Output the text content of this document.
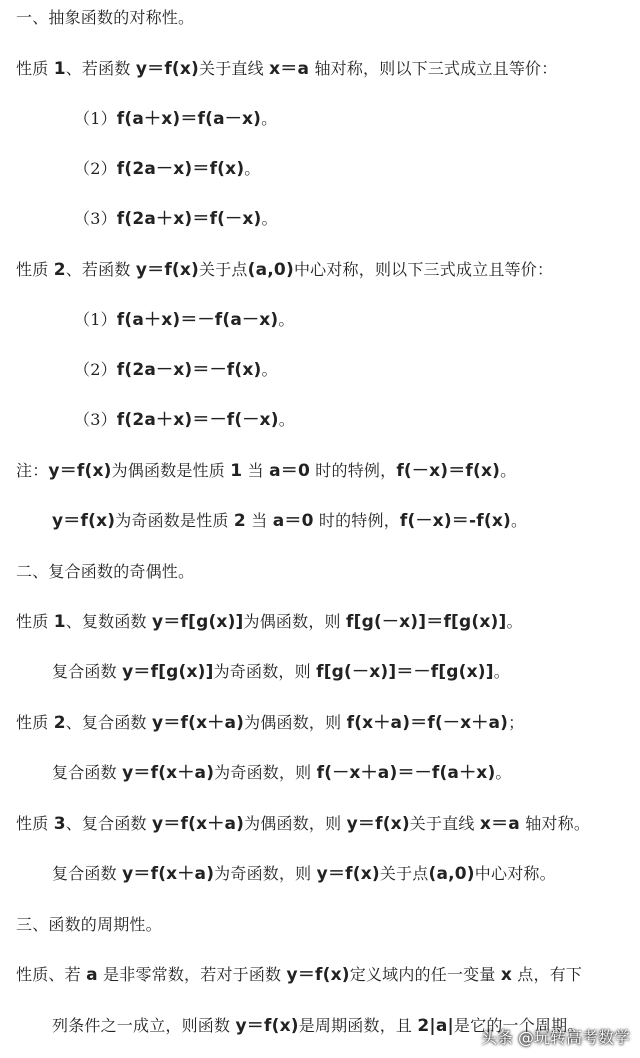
一、抽象函数的对称性。
性质 1、若函数 y＝f(x)关于直线 x＝a 轴对称，则以下三式成立且等价：
（1）f(a＋x)＝f(a－x)。
（2）f(2a－x)＝f(x)。
（3）f(2a＋x)＝f(－x)。
性质 2、若函数 y＝f(x)关于点(a,0)中心对称，则以下三式成立且等价：
（1）f(a＋x)＝－f(a－x)。
（2）f(2a－x)＝－f(x)。
（3）f(2a＋x)＝－f(－x)。
注：y＝f(x)为偶函数是性质 1 当 a＝0 时的特例，f(－x)＝f(x)。
y＝f(x)为奇函数是性质 2 当 a＝0 时的特例，f(－x)＝-f(x)。
二、复合函数的奇偶性。
性质 1、复数函数 y＝f[g(x)]为偶函数，则 f[g(－x)]＝f[g(x)]。
复合函数 y＝f[g(x)]为奇函数，则 f[g(－x)]＝－f[g(x)]。
性质 2、复合函数 y＝f(x＋a)为偶函数，则 f(x＋a)＝f(－x＋a)；
复合函数 y＝f(x＋a)为奇函数，则 f(－x＋a)＝－f(a＋x)。
性质 3、复合函数 y＝f(x＋a)为偶函数，则 y＝f(x)关于直线 x＝a 轴对称。
复合函数 y＝f(x＋a)为奇函数，则 y＝f(x)关于点(a,0)中心对称。
三、函数的周期性。
性质、若 a 是非零常数，若对于函数 y＝f(x)定义域内的任一变量 x 点，有下
列条件之一成立，则函数 y＝f(x)是周期函数，且 2|a|是它的一个周期。
头条 @玩转高考数学
